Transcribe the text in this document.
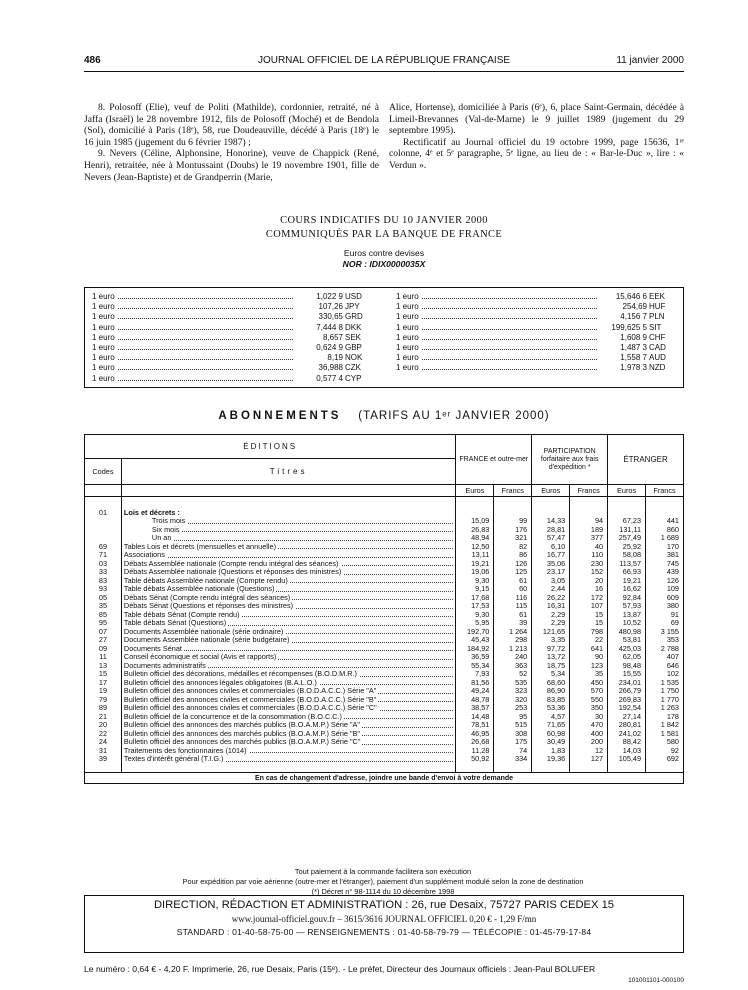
486	JOURNAL OFFICIEL DE LA RÉPUBLIQUE FRANÇAISE	11 janvier 2000

8. Polosoff (Elie), veuf de Politi (Mathilde), cordonnier, retraité, né à Jaffa (Israël) le 28 novembre 1912, fils de Polosoff (Moché) et de Bendola (Sol), domicilié à Paris (18ᵉ), 58, rue Doudeauville, décédé à Paris (18ᵉ) le 16 juin 1985 (jugement du 6 février 1987) ;

9. Nevers (Céline, Alphonsine, Honorine), veuve de Chappick (René, Henri), retraitée, née à Montussaint (Doubs) le 19 novembre 1901, fille de Nevers (Jean-Baptiste) et de Grandperrin (Marie,

Alice, Hortense), domiciliée à Paris (6ᵉ), 6, place Saint-Germain, décédée à Limeil-Brevannes (Val-de-Marne) le 9 juillet 1989 (jugement du 29 septembre 1995).

Rectificatif au Journal officiel du 19 octobre 1999, page 15636, 1ʳᵉ colonne, 4ᵉ et 5ᵉ paragraphe, 5ᵉ ligne, au lieu de : « Bar-le-Duc », lire : « Verdun ».

COURS INDICATIFS DU 10 JANVIER 2000
COMMUNIQUÉS PAR LA BANQUE DE FRANCE
Euros contre devises
NOR : IDIX0000035X
1 euro	1,022 9 USD
1 euro	107,26 JPY
1 euro	330,65 GRD
1 euro	7,444 8 DKK
1 euro	8,657 SEK
1 euro	0,624 9 GBP
1 euro	8,19 NOK
1 euro	36,988 CZK
1 euro	0,577 4 CYP
1 euro	15,646 6 EEK
1 euro	254,69 HUF
1 euro	4,156 7 PLN
1 euro	199,625 5 SIT
1 euro	1,608 9 CHF
1 euro	1,487 3 CAD
1 euro	1,558 7 AUD
1 euro	1,978 3 NZD
ABONNEMENTS (TARIFS AU 1ᵉʳ JANVIER 2000)
ÉDITIONS		FRANCE et outre-mer		PARTICIPATION forfaitaire aux frais d'expédition *		ÉTRANGER	
Codes	Titres						
		Euros	Francs	Euros	Francs	Euros	Francs

01	Lois et décrets :						

	Trois mois	15,09	99	14,33	94	67,23	441

	Six mois	26,83	176	28,81	189	131,11	860

	Un an	48,94	321	57,47	377	257,49	1 689
69	Tables Lois et décrets (mensuelles et annuelle)	12,50	82	6,10	40	25,92	170
71	Associations	13,11	86	16,77	110	58,08	381
03	Débats Assemblée nationale (Compte rendu intégral des séances)	19,21	126	35,06	230	113,57	745
33	Débats Assemblée nationale (Questions et réponses des ministres)	19,06	125	23,17	152	66,93	439
83	Table débats Assemblée nationale (Compte rendu)	9,30	61	3,05	20	19,21	126
93	Table débats Assemblée nationale (Questions)	9,15	60	2,44	16	16,62	109
05	Débats Sénat (Compte rendu intégral des séances)	17,68	116	26,22	172	92,84	609
35	Débats Sénat (Questions et réponses des ministres)	17,53	115	16,31	107	57,93	380
85	Table débats Sénat (Compte rendu)	9,30	61	2,29	15	13,87	91
95	Table débats Sénat (Questions)	5,95	39	2,29	15	10,52	69
07	Documents Assemblée nationale (série ordinaire)	192,70	1 264	121,65	798	480,98	3 155
27	Documents Assemblée nationale (série budgétaire)	45,43	298	3,35	22	53,81	353
09	Documents Sénat	184,92	1 213	97,72	641	425,03	2 788
11	Conseil économique et social (Avis et rapports)	36,59	240	13,72	90	62,05	407
13	Documents administratifs	55,34	363	18,75	123	98,48	646
15	Bulletin officiel des décorations, médailles et récompenses (B.O.D.M.R.)	7,93	52	5,34	35	15,55	102
17	Bulletin officiel des annonces légales obligatoires (B.A.L.O.)	81,56	535	68,60	450	234,01	1 535
19	Bulletin officiel des annonces civiles et commerciales (B.O.D.A.C.C.) Série "A"	49,24	323	86,90	570	266,79	1 750
79	Bulletin officiel des annonces civiles et commerciales (B.O.D.A.C.C.) Série "B"	48,78	320	83,85	550	269,83	1 770
89	Bulletin officiel des annonces civiles et commerciales (B.O.D.A.C.C.) Série "C"	38,57	253	53,36	350	192,54	1 263
21	Bulletin officiel de la concurrence et de la consommation (B.O.C.C.)	14,48	95	4,57	30	27,14	178
20	Bulletin officiel des annonces des marchés publics (B.O.A.M.P.) Série "A"	78,51	515	71,65	470	280,81	1 842
22	Bulletin officiel des annonces des marchés publics (B.O.A.M.P.) Série "B"	46,95	308	60,98	400	241,02	1 581
24	Bulletin officiel des annonces des marchés publics (B.O.A.M.P.) Série "C"	26,68	175	30,49	200	88,42	580
31	Traitements des fonctionnaires (1014)	11,28	74	1,83	12	14,03	92
39	Textes d'intérêt général (T.I.G.)	50,92	334	19,36	127	105,49	692

En cas de changement d'adresse, joindre une bande d'envoi à votre demande							
Tout paiement à la commande facilitera son exécution
Pour expédition par voie aérienne (outre-mer et l'étranger), paiement d'un supplément modulé selon la zone de destination
(*) Décret n° 98-1114 du 10 décembre 1998
DIRECTION, RÉDACTION ET ADMINISTRATION : 26, rue Desaix, 75727 PARIS CEDEX 15
www.journal-officiel.gouv.fr – 3615/3616 JOURNAL OFFICIEL 0,20 € - 1,29 F/mn
STANDARD : 01-40-58-75-00 — RENSEIGNEMENTS : 01-40-58-79-79 — TÉLÉCOPIE : 01-45-79-17-84
Le numéro : 0,64 € - 4,20 F. Imprimerie, 26, rue Desaix, Paris (15ᵉ). - Le préfet, Directeur des Journaux officiels : Jean-Paul BOLUFER
101001101-000100
